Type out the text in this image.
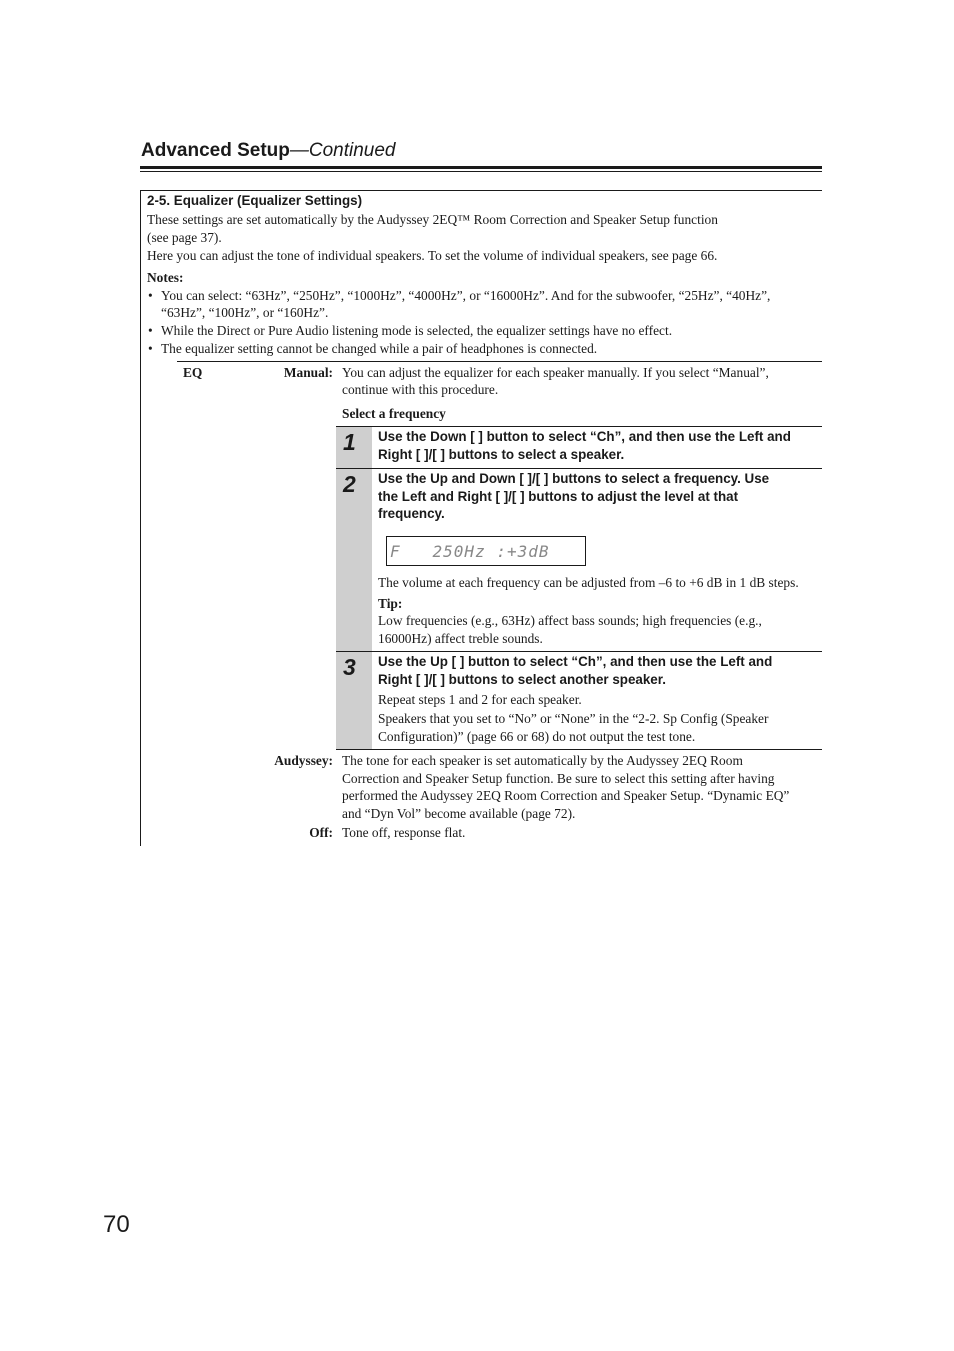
Advanced Setup—Continued
2-5. Equalizer (Equalizer Settings)
These settings are set automatically by the Audyssey 2EQ™ Room Correction and Speaker Setup function
(see page 37).
Here you can adjust the tone of individual speakers. To set the volume of individual speakers, see page 66.
Notes:
• You can select: “63Hz”, “250Hz”, “1000Hz”, “4000Hz”, or “16000Hz”. And for the subwoofer, “25Hz”, “40Hz”,
“63Hz”, “100Hz”, or “160Hz”.
• While the Direct or Pure Audio listening mode is selected, the equalizer settings have no effect.
• The equalizer setting cannot be changed while a pair of headphones is connected.
EQ	Manual: You can adjust the equalizer for each speaker manually. If you select “Manual”,
continue with this procedure.
Select a frequency
1 Use the Down [ ] button to select “Ch”, and then use the Left and
Right [ ]/[ ] buttons to select a speaker.
2 Use the Up and Down [ ]/[ ] buttons to select a frequency. Use
the Left and Right [ ]/[ ] buttons to adjust the level at that
frequency.
F   250Hz :+3dB
The volume at each frequency can be adjusted from –6 to +6 dB in 1 dB steps.
Tip:
Low frequencies (e.g., 63Hz) affect bass sounds; high frequencies (e.g.,
16000Hz) affect treble sounds.
3 Use the Up [ ] button to select “Ch”, and then use the Left and
Right [ ]/[ ] buttons to select another speaker.
Repeat steps 1 and 2 for each speaker.
Speakers that you set to “No” or “None” in the “2-2. Sp Config (Speaker
Configuration)” (page 66 or 68) do not output the test tone.
Audyssey: The tone for each speaker is set automatically by the Audyssey 2EQ Room
Correction and Speaker Setup function. Be sure to select this setting after having
performed the Audyssey 2EQ Room Correction and Speaker Setup. “Dynamic EQ”
and “Dyn Vol” become available (page 72).
Off: Tone off, response flat.
70
